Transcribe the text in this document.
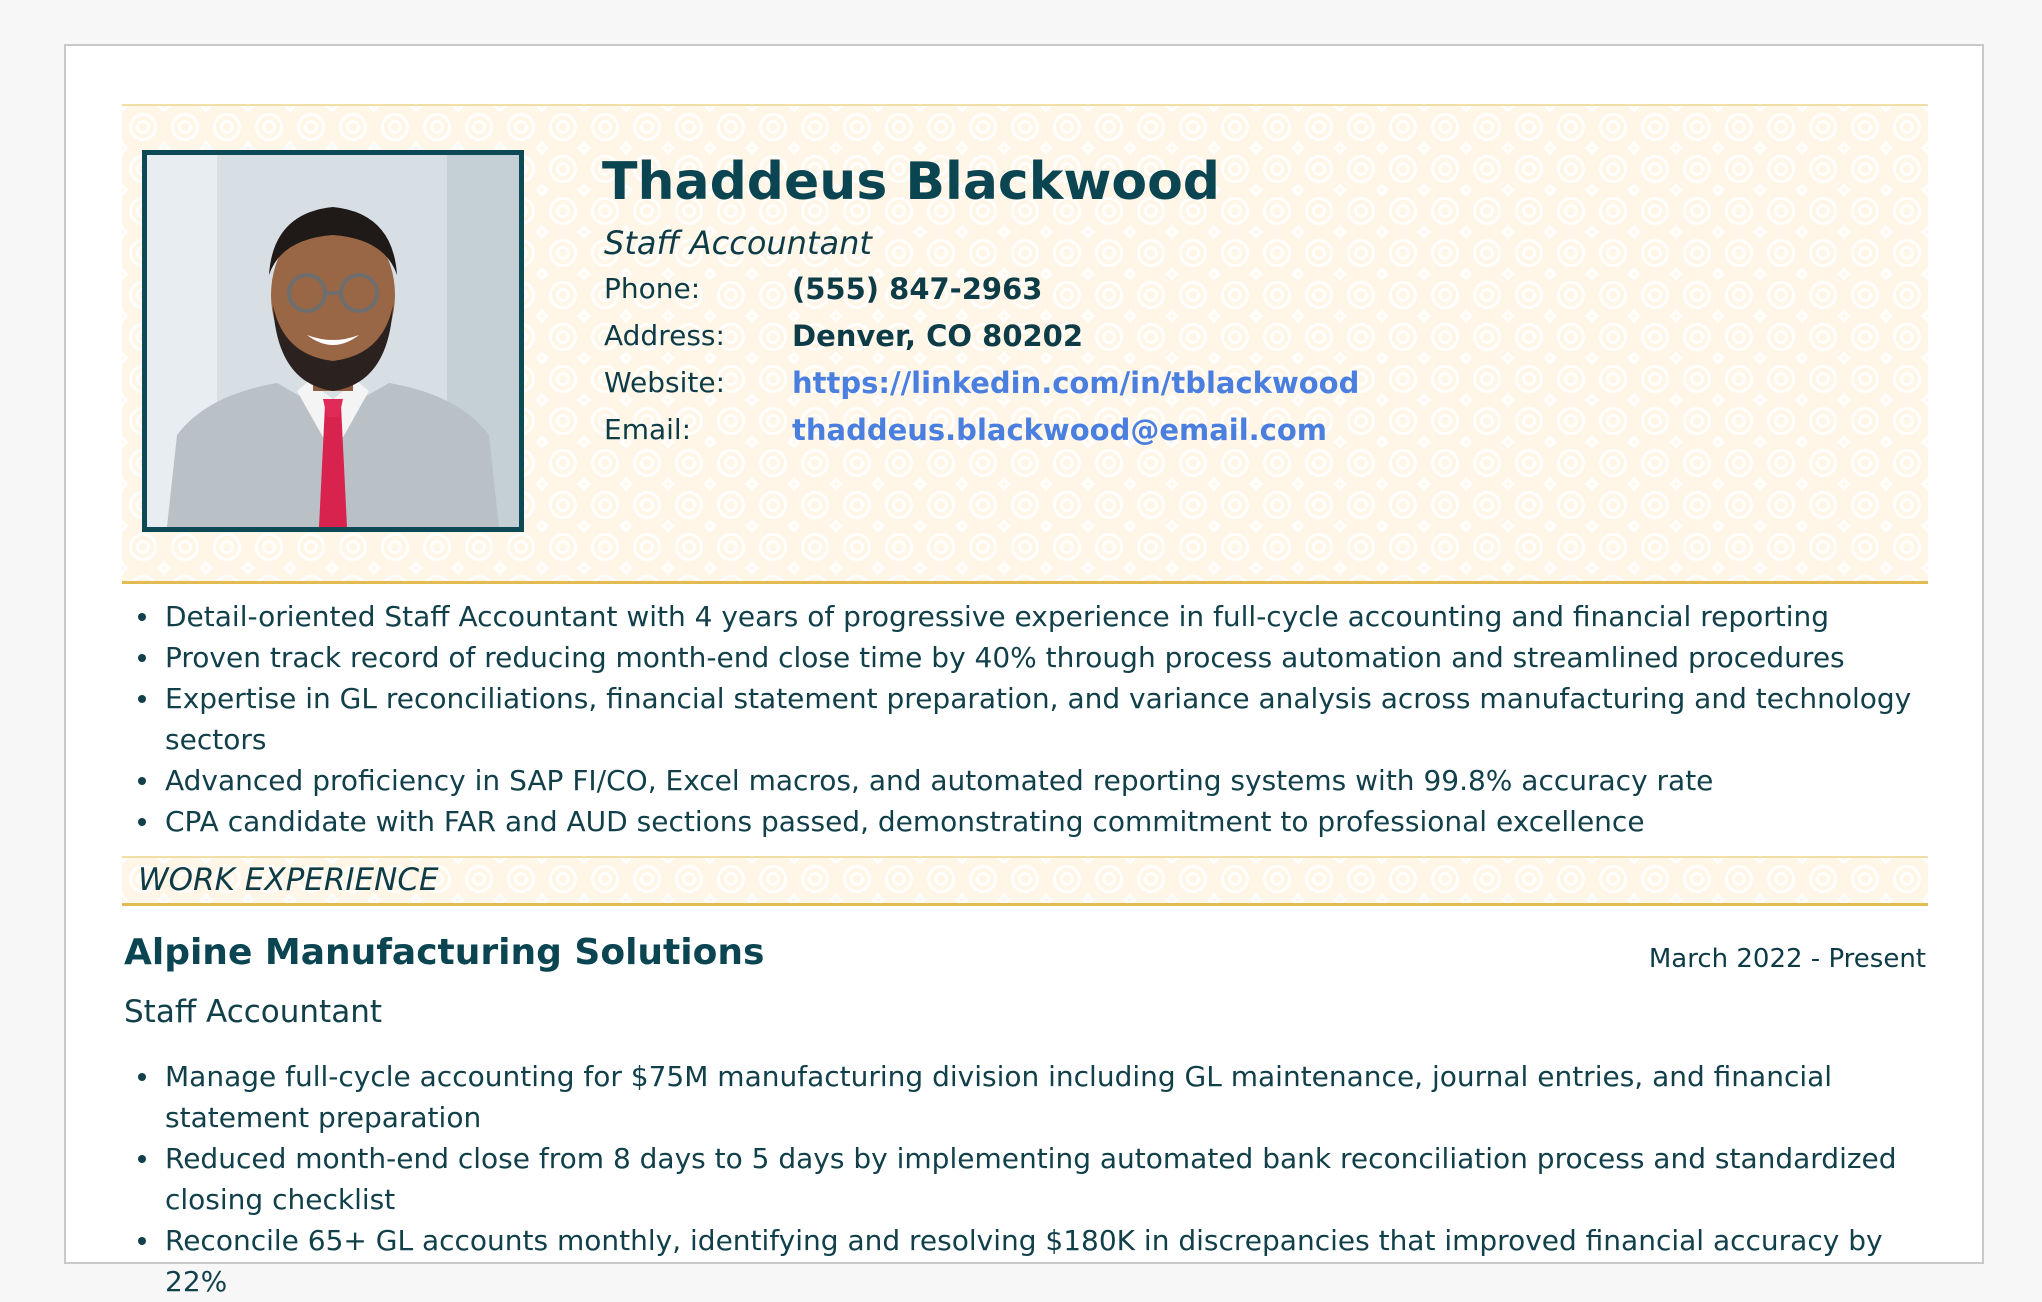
Thaddeus Blackwood
Staff Accountant
Phone:	(555) 847-2963
Address: Denver, CO 80202
Website: https://linkedin.com/in/tblackwood
Email:	thaddeus.blackwood@email.com
Detail-oriented Staff Accountant with 4 years of progressive experience in full-cycle accounting and financial reporting
Proven track record of reducing month-end close time by 40% through process automation and streamlined procedures
Expertise in GL reconciliations, financial statement preparation, and variance analysis across manufacturing and technology sectors
Advanced proficiency in SAP FI/CO, Excel macros, and automated reporting systems with 99.8% accuracy rate
CPA candidate with FAR and AUD sections passed, demonstrating commitment to professional excellence
WORK EXPERIENCE
Alpine Manufacturing Solutions	March 2022 - Present
Staff Accountant
Manage full-cycle accounting for $75M manufacturing division including GL maintenance, journal entries, and financial statement preparation
Reduced month-end close from 8 days to 5 days by implementing automated bank reconciliation process and standardized closing checklist
Reconcile 65+ GL accounts monthly, identifying and resolving $180K in discrepancies that improved financial accuracy by 22%
